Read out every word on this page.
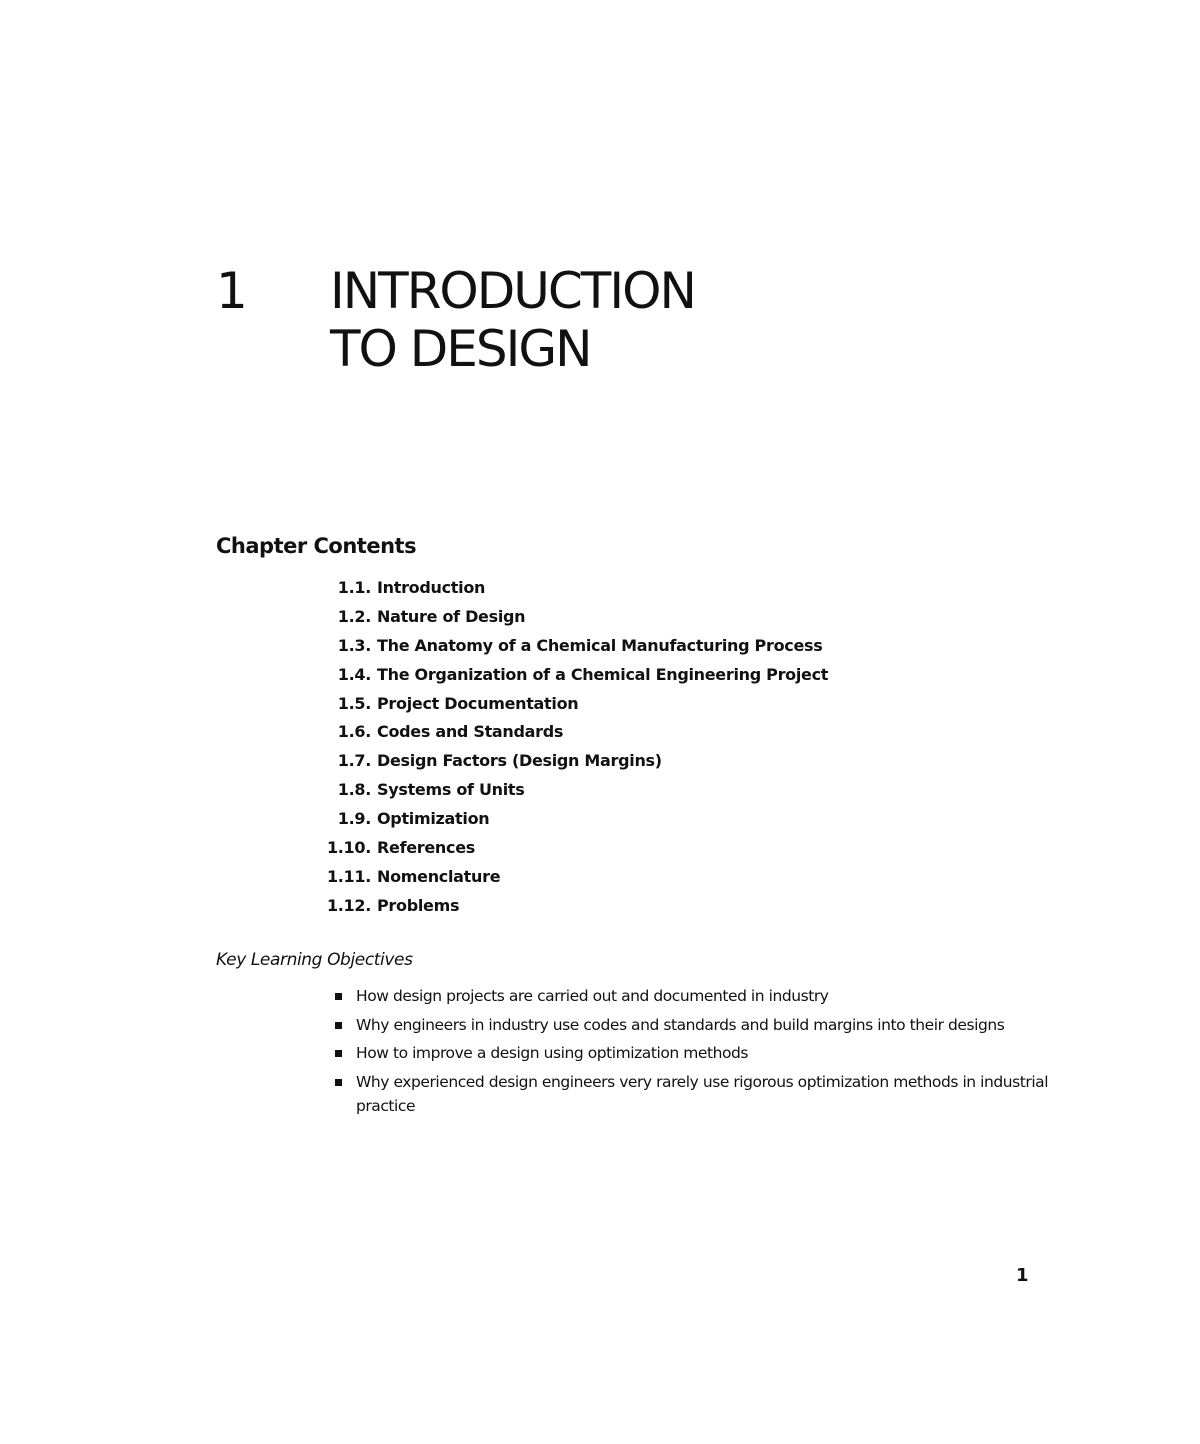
1 INTRODUCTION
TO DESIGN
Chapter Contents
1.1. Introduction
1.2. Nature of Design
1.3. The Anatomy of a Chemical Manufacturing Process
1.4. The Organization of a Chemical Engineering Project
1.5. Project Documentation
1.6. Codes and Standards
1.7. Design Factors (Design Margins)
1.8. Systems of Units
1.9. Optimization
1.10. References
1.11. Nomenclature
1.12. Problems
Key Learning Objectives
How design projects are carried out and documented in industry
Why engineers in industry use codes and standards and build margins into their designs
How to improve a design using optimization methods
Why experienced design engineers very rarely use rigorous optimization methods in industrial practice
1
